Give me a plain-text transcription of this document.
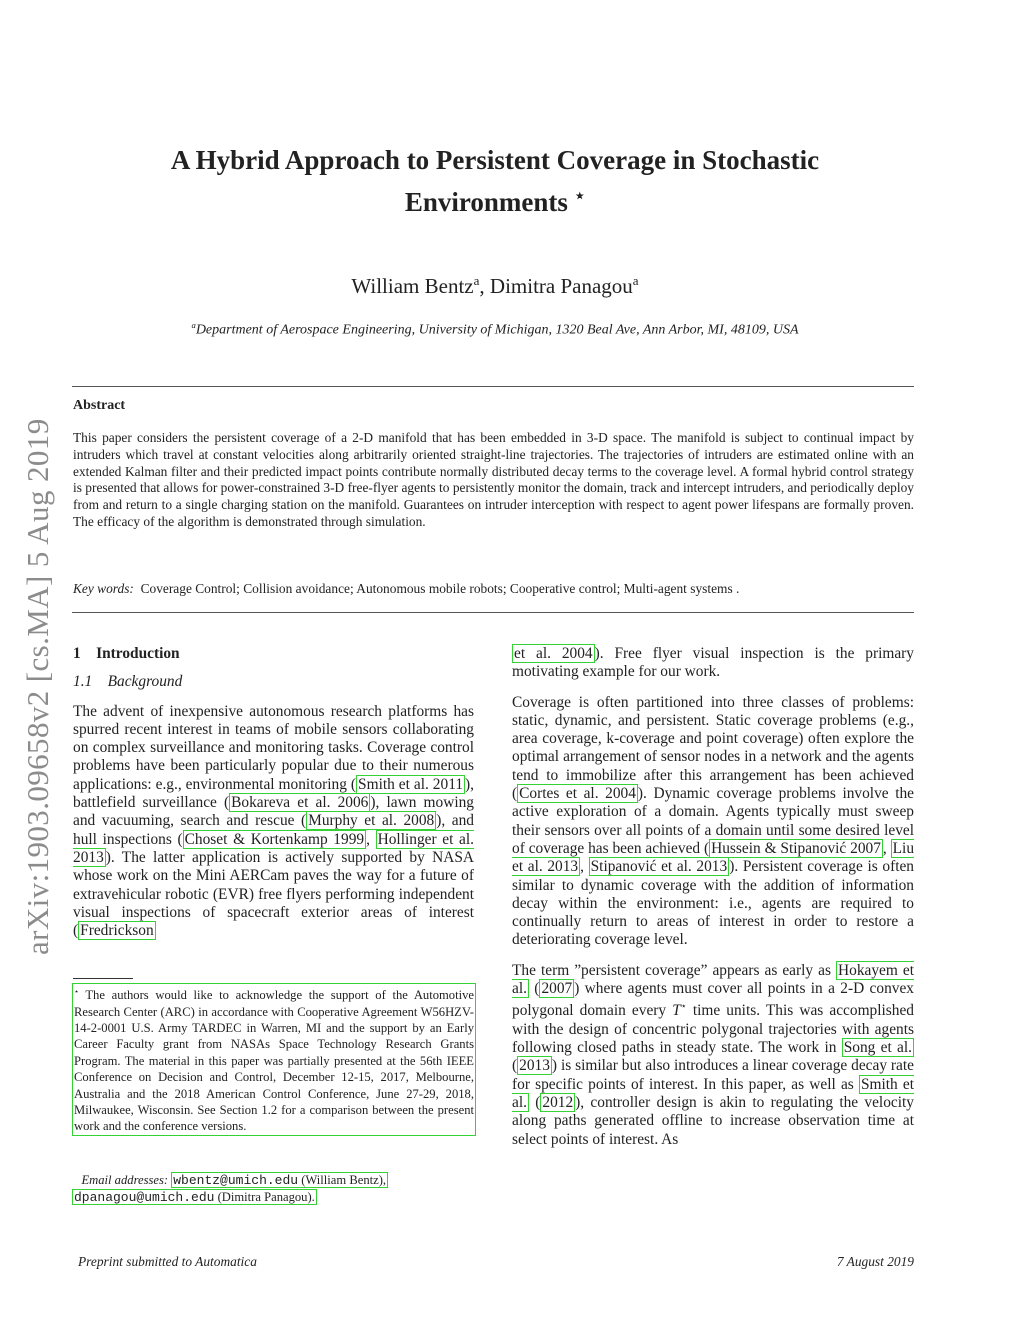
arXiv:1903.09658v2 [cs.MA] 5 Aug 2019
A Hybrid Approach to Persistent Coverage in Stochastic
Environments ⋆
William Bentz$^a$, Dimitra Panagou$^a$
$^a$Department of Aerospace Engineering, University of Michigan, 1320 Beal Ave, Ann Arbor, MI, 48109, USA
Abstract
This paper considers the persistent coverage of a 2-D manifold that has been embedded in 3-D space. The manifold is subject to continual impact by intruders which travel at constant velocities along arbitrarily oriented straight-line trajectories. The trajectories of intruders are estimated online with an extended Kalman filter and their predicted impact points contribute normally distributed decay terms to the coverage level. A formal hybrid control strategy is presented that allows for power-constrained 3-D free-flyer agents to persistently monitor the domain, track and intercept intruders, and periodically deploy from and return to a single charging station on the manifold. Guarantees on intruder interception with respect to agent power lifespans are formally proven. The efficacy of the algorithm is demonstrated through simulation.
Key words: Coverage Control; Collision avoidance; Autonomous mobile robots; Cooperative control; Multi-agent systems .
1    Introduction
1.1    Background

The advent of inexpensive autonomous research platforms has spurred recent interest in teams of mobile sensors collaborating on complex surveillance and monitoring tasks. Coverage control problems have been particularly popular due to their numerous applications: e.g., environmental monitoring ( Smith et al. 2011 ), battlefield surveillance ( Bokareva et al. 2006 ), lawn mowing and vacuuming, search and rescue ( Murphy et al. 2008 ), and hull inspections ( Choset & Kortenkamp 1999 , Hollinger et al. 2013 ). The latter application is actively supported by NASA whose work on the Mini AERCam paves the way for a future of extravehicular robotic (EVR) free flyers performing independent visual inspections of spacecraft exterior areas of interest ( Fredrickson

⋆ The authors would like to acknowledge the support of the Automotive Research Center (ARC) in accordance with Cooperative Agreement W56HZV-14-2-0001 U.S. Army TARDEC in Warren, MI and the support by an Early Career Faculty grant from NASAs Space Technology Research Grants Program. The material in this paper was partially presented at the 56th IEEE Conference on Decision and Control, December 12-15, 2017, Melbourne, Australia and the 2018 American Control Conference, June 27-29, 2018, Milwaukee, Wisconsin. See Section 1.2 for a comparison between the present work and the conference versions.
Email addresses: wbentz@umich.edu (William Bentz),
dpanagou@umich.edu (Dimitra Panagou).

et al. 2004 ). Free flyer visual inspection is the primary motivating example for our work.

Coverage is often partitioned into three classes of problems: static, dynamic, and persistent. Static coverage problems (e.g., area coverage, k-coverage and point coverage) often explore the optimal arrangement of sensor nodes in a network and the agents tend to immobilize after this arrangement has been achieved ( Cortes et al. 2004 ). Dynamic coverage problems involve the active exploration of a domain. Agents typically must sweep their sensors over all points of a domain until some desired level of coverage has been achieved ( Hussein & Stipanović 2007 , Liu et al. 2013 , Stipanović et al. 2013 ). Persistent coverage is often similar to dynamic coverage with the addition of information decay within the environment: i.e., agents are required to continually return to areas of interest in order to restore a deteriorating coverage level.

The term ”persistent coverage” appears as early as Hokayem et al. ( 2007 ) where agents must cover all points in a 2-D convex polygonal domain every T⋆ time units. This was accomplished with the design of concentric polygonal trajectories with agents following closed paths in steady state. The work in Song et al. ( 2013 ) is similar but also introduces a linear coverage decay rate for specific points of interest. In this paper, as well as Smith et al. ( 2012 ), controller design is akin to regulating the velocity along paths generated offline to increase observation time at select points of interest. As

Preprint submitted to Automatica	7 August 2019
